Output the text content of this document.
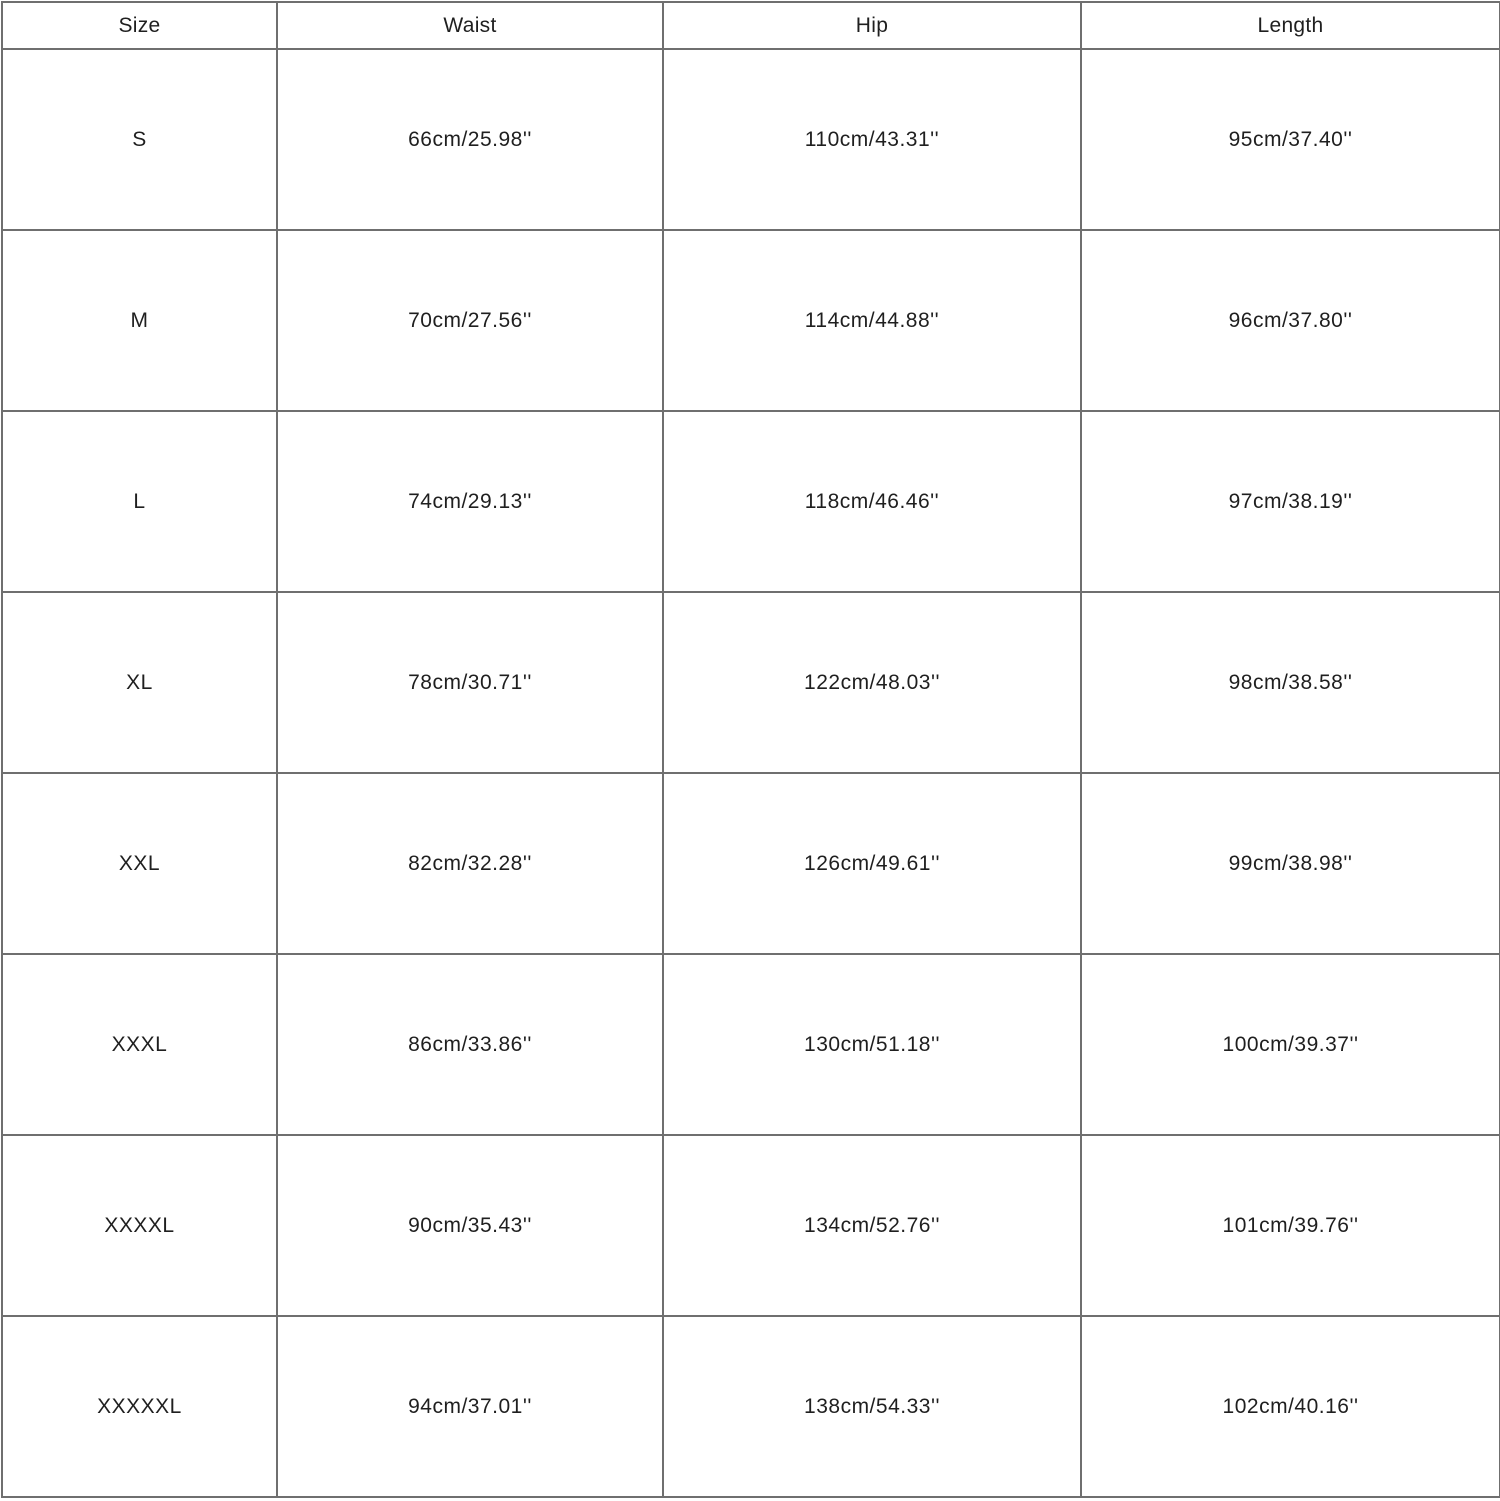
Size	Waist	Hip	Length
S	66cm/25.98''	110cm/43.31''	95cm/37.40''
M	70cm/27.56''	114cm/44.88''	96cm/37.80''
L	74cm/29.13''	118cm/46.46''	97cm/38.19''
XL	78cm/30.71''	122cm/48.03''	98cm/38.58''
XXL	82cm/32.28''	126cm/49.61''	99cm/38.98''
XXXL	86cm/33.86''	130cm/51.18''	100cm/39.37''
XXXXL	90cm/35.43''	134cm/52.76''	101cm/39.76''
XXXXXL	94cm/37.01''	138cm/54.33''	102cm/40.16''
